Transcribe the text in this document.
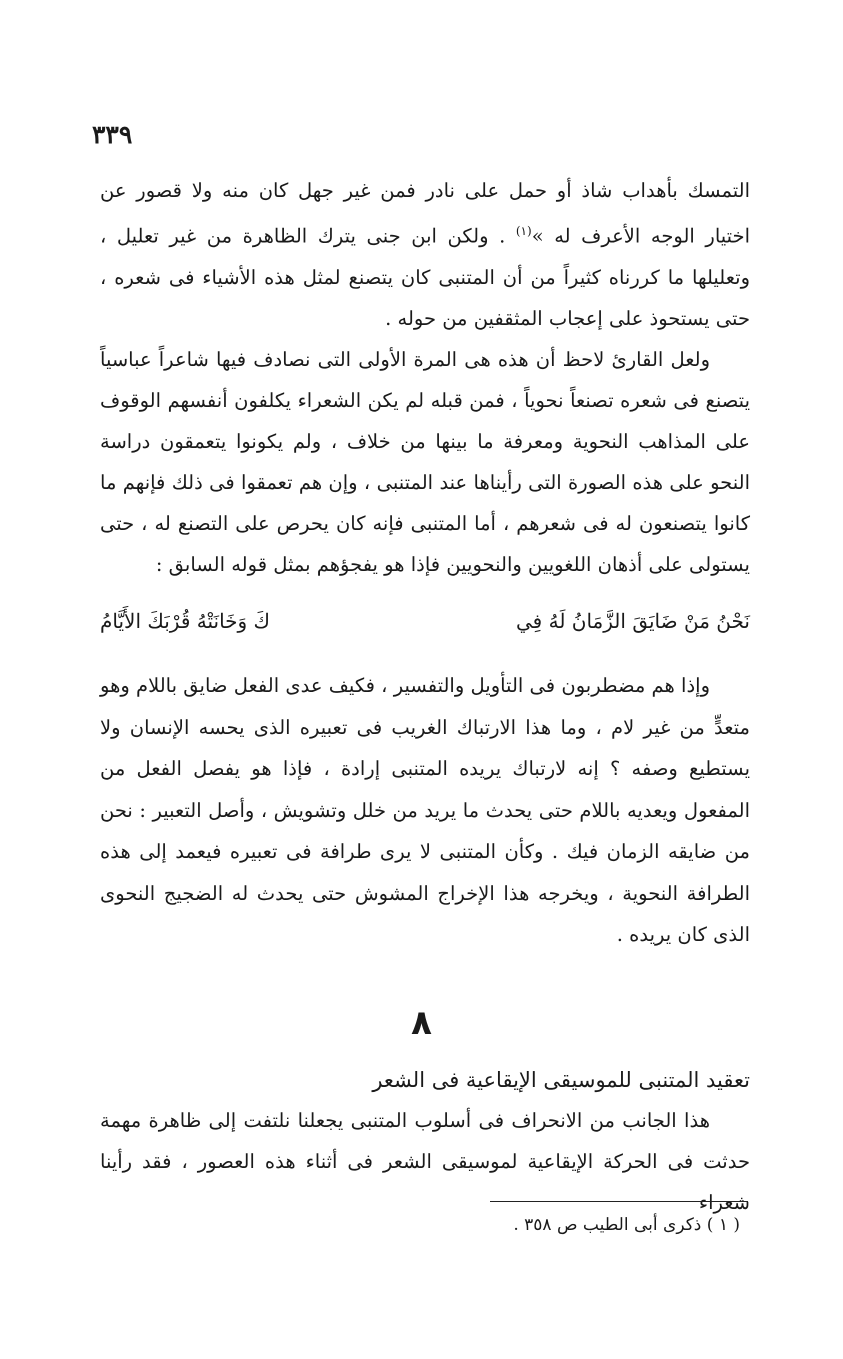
٣٣٩

التمسك بأهداب شاذ أو حمل على نادر فمن غير جهل كان منه ولا قصور عن اختيار الوجه الأعرف له »$^{(١)}$ . ولكن ابن جنى يترك الظاهرة من غير تعليل ، وتعليلها ما كررناه كثيراً من أن المتنبى كان يتصنع لمثل هذه الأشياء فى شعره ، حتى يستحوذ على إعجاب المثقفين من حوله .

ولعل القارئ لاحظ أن هذه هى المرة الأولى التى نصادف فيها شاعراً عباسياً يتصنع فى شعره تصنعاً نحوياً ، فمن قبله لم يكن الشعراء يكلفون أنفسهم الوقوف على المذاهب النحوية ومعرفة ما بينها من خلاف ، ولم يكونوا يتعمقون دراسة النحو على هذه الصورة التى رأيناها عند المتنبى ، وإن هم تعمقوا فى ذلك فإنهم ما كانوا يتصنعون له فى شعرهم ، أما المتنبى فإنه كان يحرص على التصنع له ، حتى يستولى على أذهان اللغويين والنحويين فإذا هو يفجؤهم بمثل قوله السابق :

نَحْنُ مَنْ ضَايَقَ الزَّمَانُ لَهُ فِي
كَ وَخَانَتْهُ قُرْبَكَ الأَيَّامُ

وإذا هم مضطربون فى التأويل والتفسير ، فكيف عدى الفعل ضايق باللام وهو متعدٍّ من غير لام ، وما هذا الارتباك الغريب فى تعبيره الذى يحسه الإنسان ولا يستطيع وصفه ؟ إنه لارتباك يريده المتنبى إرادة ، فإذا هو يفصل الفعل من المفعول ويعديه باللام حتى يحدث ما يريد من خلل وتشويش ، وأصل التعبير : نحن من ضايقه الزمان فيك . وكأن المتنبى لا يرى طرافة فى تعبيره فيعمد إلى هذه الطرافة النحوية ، ويخرجه هذا الإخراج المشوش حتى يحدث له الضجيج النحوى الذى كان يريده .

٨
تعقيد المتنبى للموسيقى الإيقاعية فى الشعر

هذا الجانب من الانحراف فى أسلوب المتنبى يجعلنا نلتفت إلى ظاهرة مهمة حدثت فى الحركة الإيقاعية لموسيقى الشعر فى أثناء هذه العصور ، فقد رأينا شعراء

( ١ ) ذكرى أبى الطيب ص ٣٥٨ .
